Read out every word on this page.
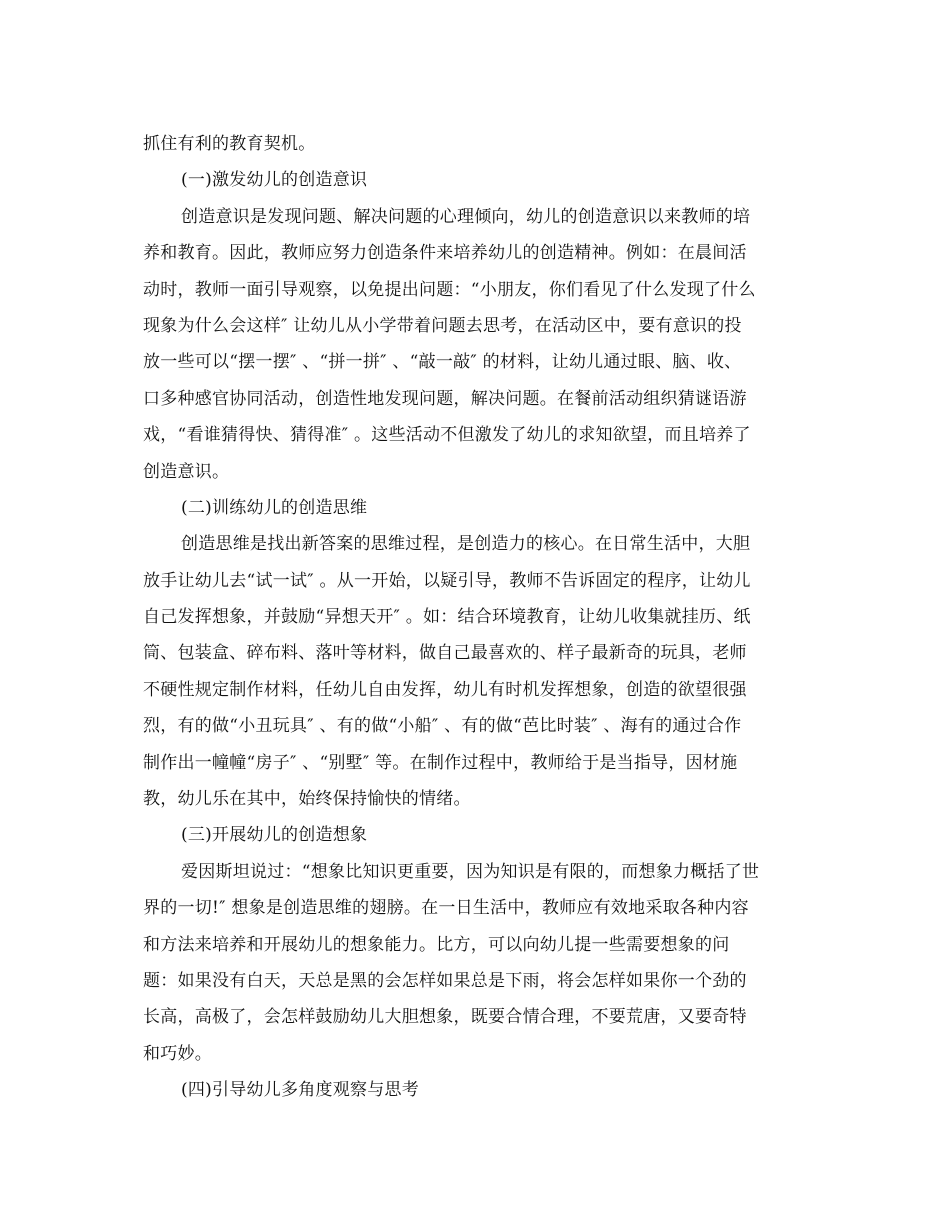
抓住有利的教育契机。
(一)激发幼儿的创造意识
创造意识是发现问题、解决问题的心理倾向，幼儿的创造意识以来教师的培
养和教育。因此，教师应努力创造条件来培养幼儿的创造精神。例如：在晨间活
动时，教师一面引导观察，以免提出问题：“小朋友，你们看见了什么发现了什么
现象为什么会这样″ 让幼儿从小学带着问题去思考，在活动区中，要有意识的投
放一些可以“摆一摆″ 、“拼一拼″ 、“敲一敲″ 的材料，让幼儿通过眼、脑、收、
口多种感官协同活动，创造性地发现问题，解决问题。在餐前活动组织猜谜语游
戏，“看谁猜得快、猜得准″ 。这些活动不但激发了幼儿的求知欲望，而且培养了
创造意识。
(二)训练幼儿的创造思维
创造思维是找出新答案的思维过程，是创造力的核心。在日常生活中，大胆
放手让幼儿去“试一试″ 。从一开始，以疑引导，教师不告诉固定的程序，让幼儿
自己发挥想象，并鼓励“异想天开″ 。如：结合环境教育，让幼儿收集就挂历、纸
筒、包装盒、碎布料、落叶等材料，做自己最喜欢的、样子最新奇的玩具，老师
不硬性规定制作材料，任幼儿自由发挥，幼儿有时机发挥想象，创造的欲望很强
烈，有的做“小丑玩具″ 、有的做“小船″ 、有的做“芭比时装″ 、海有的通过合作
制作出一幢幢“房子″ 、“别墅″ 等。在制作过程中，教师给于是当指导，因材施
教，幼儿乐在其中，始终保持愉快的情绪。
(三)开展幼儿的创造想象
爱因斯坦说过：“想象比知识更重要，因为知识是有限的，而想象力概括了世
界的一切!″ 想象是创造思维的翅膀。在一日生活中，教师应有效地采取各种内容
和方法来培养和开展幼儿的想象能力。比方，可以向幼儿提一些需要想象的问
题：如果没有白天，天总是黑的会怎样如果总是下雨，将会怎样如果你一个劲的
长高，高极了，会怎样鼓励幼儿大胆想象，既要合情合理，不要荒唐，又要奇特
和巧妙。
(四)引导幼儿多角度观察与思考
